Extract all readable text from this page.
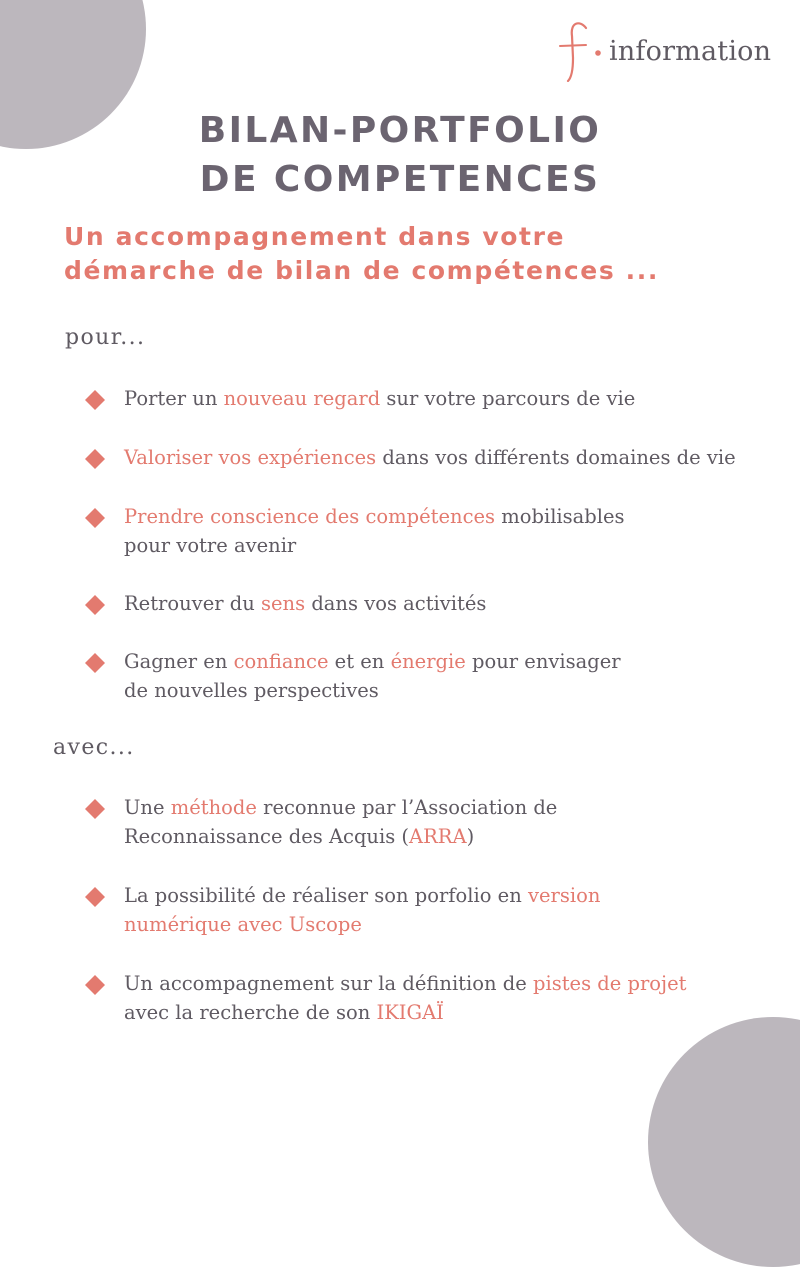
information
BILAN-PORTFOLIO
DE COMPETENCES
Un accompagnement dans votre
démarche de bilan de compétences ...

pour...

Porter un nouveau regard sur votre parcours de vie
Valoriser vos expériences dans vos différents domaines de vie
Prendre conscience des compétences mobilisables
pour votre avenir
Retrouver du sens dans vos activités
Gagner en confiance et en énergie pour envisager
de nouvelles perspectives

avec...

Une méthode reconnue par l’Association de
Reconnaissance des Acquis (ARRA)
La possibilité de réaliser son porfolio en version
numérique avec Uscope
Un accompagnement sur la définition de pistes de projet
avec la recherche de son IKIGAÏ
